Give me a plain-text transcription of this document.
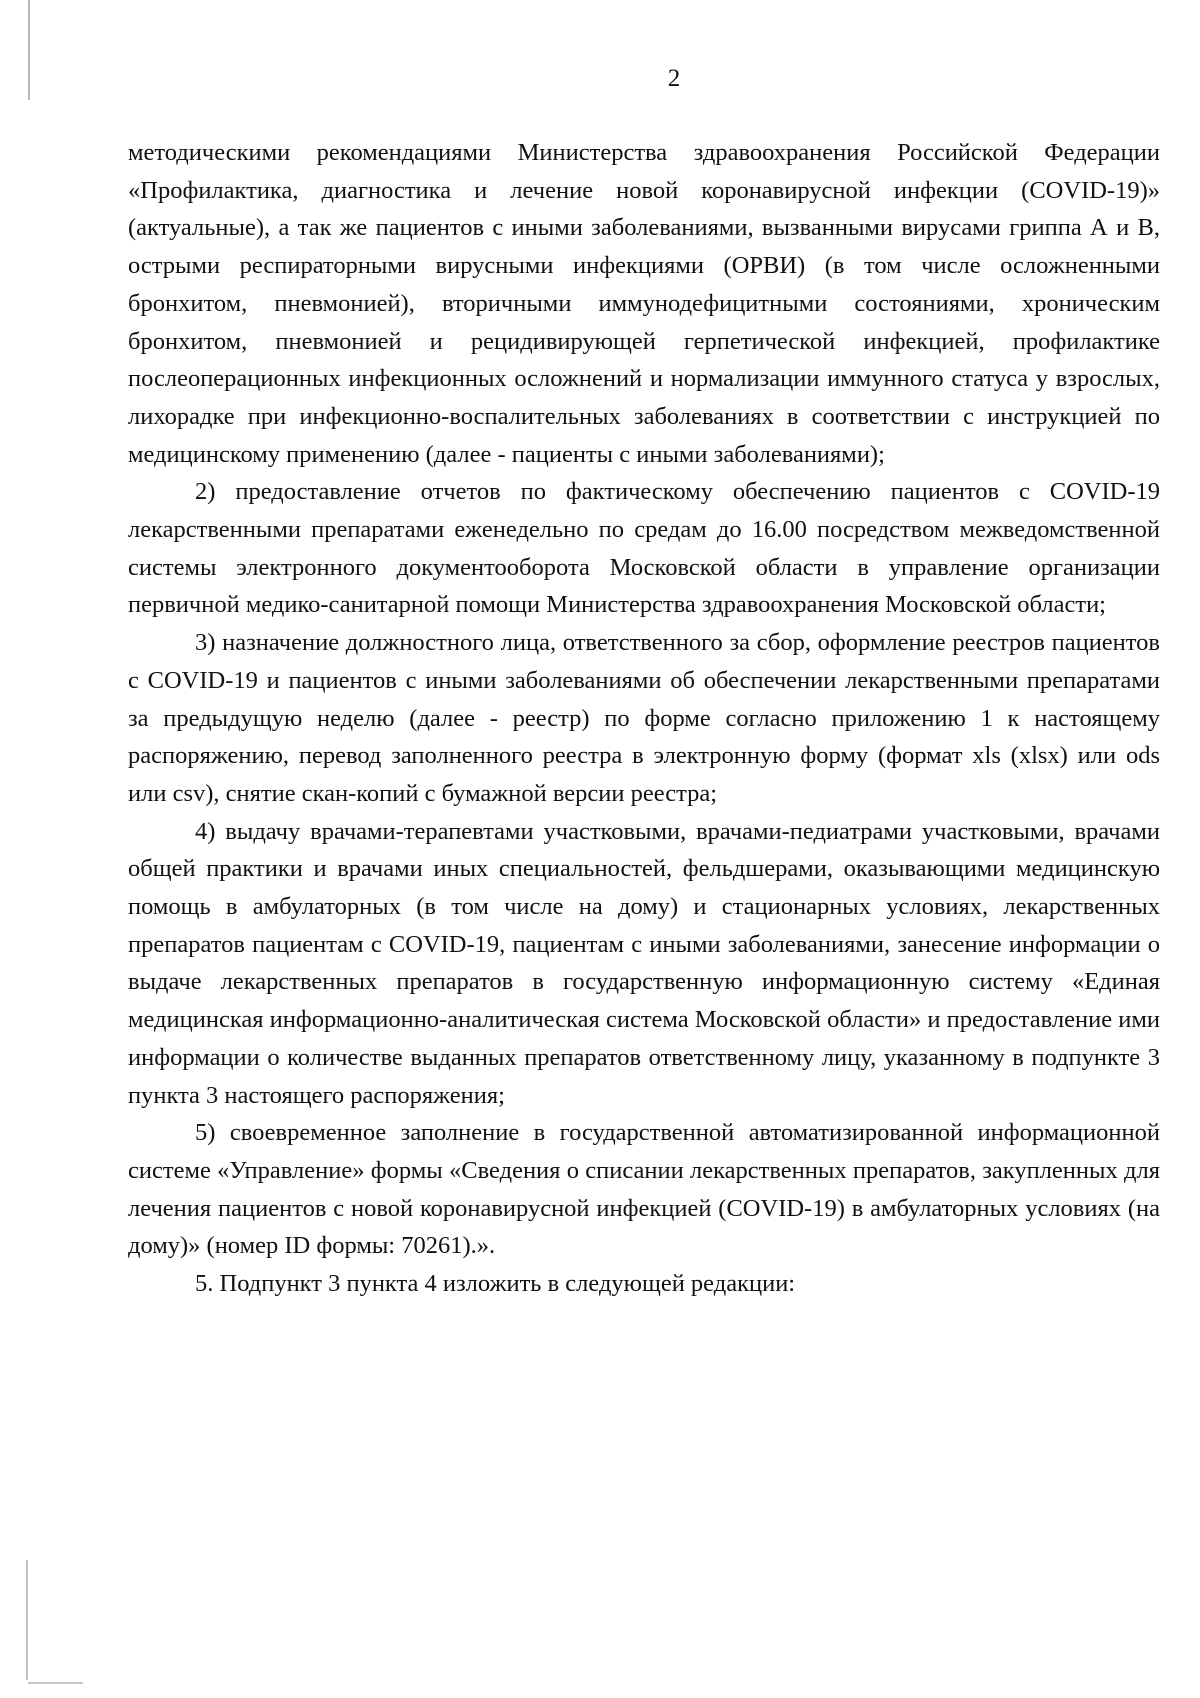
2

методическими рекомендациями Министерства здравоохранения Российской Федерации «Профилактика, диагностика и лечение новой коронавирусной инфекции (COVID-19)» (актуальные), а так же пациентов с иными заболеваниями, вызванными вирусами гриппа А и В, острыми респираторными вирусными инфекциями (ОРВИ) (в том числе осложненными бронхитом, пневмонией), вторичными иммунодефицитными состояниями, хроническим бронхитом, пневмонией и рецидивирующей герпетической инфекцией, профилактике послеоперационных инфекционных осложнений и нормализации иммунного статуса у взрослых, лихорадке при инфекционно-воспалительных заболеваниях в соответствии с инструкцией по медицинскому применению (далее - пациенты с иными заболеваниями);

2) предоставление отчетов по фактическому обеспечению пациентов с COVID-19 лекарственными препаратами еженедельно по средам до 16.00 посредством межведомственной системы электронного документооборота Московской области в управление организации первичной медико-санитарной помощи Министерства здравоохранения Московской области;

3) назначение должностного лица, ответственного за сбор, оформление реестров пациентов с COVID-19 и пациентов с иными заболеваниями об обеспечении лекарственными препаратами за предыдущую неделю (далее - реестр) по форме согласно приложению 1 к настоящему распоряжению, перевод заполненного реестра в электронную форму (формат xls (xlsx) или ods или csv), снятие скан-копий с бумажной версии реестра;

4) выдачу врачами-терапевтами участковыми, врачами-педиатрами участковыми, врачами общей практики и врачами иных специальностей, фельдшерами, оказывающими медицинскую помощь в амбулаторных (в том числе на дому) и стационарных условиях, лекарственных препаратов пациентам с COVID-19, пациентам с иными заболеваниями, занесение информации о выдаче лекарственных препаратов в государственную информационную систему «Единая медицинская информационно-аналитическая система Московской области» и предоставление ими информации о количестве выданных препаратов ответственному лицу, указанному в подпункте 3 пункта 3 настоящего распоряжения;

5) своевременное заполнение в государственной автоматизированной информационной системе «Управление» формы «Сведения о списании лекарственных препаратов, закупленных для лечения пациентов с новой коронавирусной инфекцией (COVID-19) в амбулаторных условиях (на дому)» (номер ID формы: 70261).».

5. Подпункт 3 пункта 4 изложить в следующей редакции:
